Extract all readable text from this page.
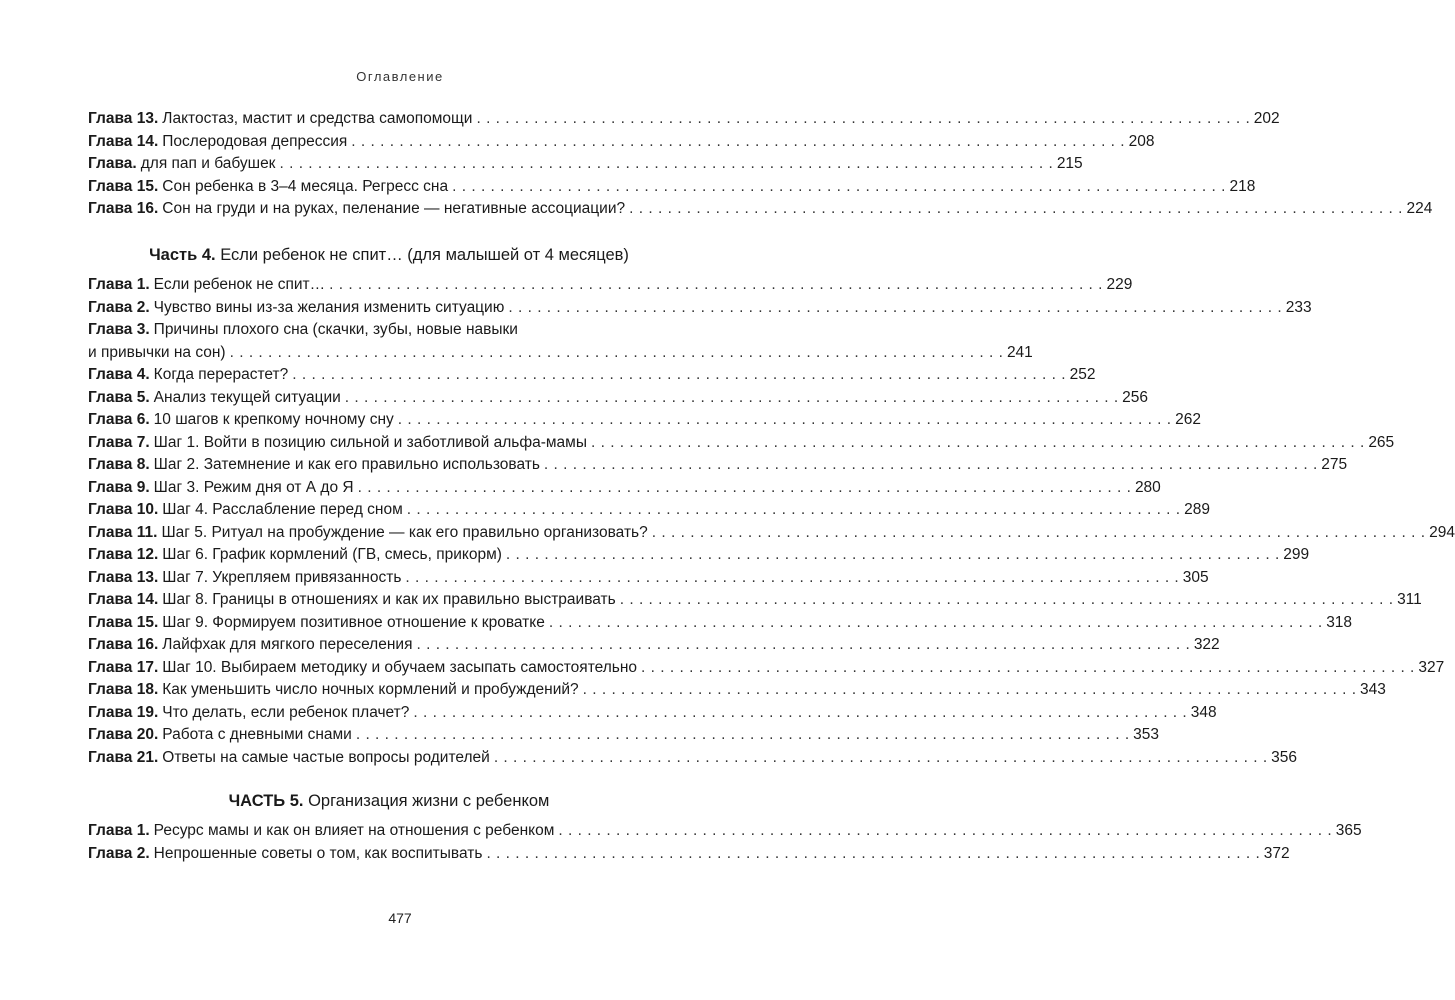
Оглавление
Глава 13. Лактостаз, мастит и средства самопомощи . . .	202
Глава 14. Послеродовая депрессия . . .	208
Глава. для пап и бабушек . . .	215
Глава 15. Сон ребенка в 3–4 месяца. Регресс сна . . .	218
Глава 16. Сон на груди и на руках, пеленание — негативные ассоциации? . . .	224
Часть 4. Если ребенок не спит… (для малышей от 4 месяцев)
Глава 1. Если ребенок не спит… . . .	229
Глава 2. Чувство вины из-за желания изменить ситуацию . . .	233
Глава 3. Причины плохого сна (скачки, зубы, новые навыки
и привычки на сон) . . .	241
Глава 4. Когда перерастет? . . .	252
Глава 5. Анализ текущей ситуации . . .	256
Глава 6. 10 шагов к крепкому ночному сну . . .	262
Глава 7. Шаг 1. Войти в позицию сильной и заботливой альфа-мамы . . .	265
Глава 8. Шаг 2. Затемнение и как его правильно использовать . . .	275
Глава 9. Шаг 3. Режим дня от А до Я . . .	280
Глава 10. Шаг 4. Расслабление перед сном . . .	289
Глава 11. Шаг 5. Ритуал на пробуждение — как его правильно организовать? . . .	294
Глава 12. Шаг 6. График кормлений (ГВ, смесь, прикорм) . . .	299
Глава 13. Шаг 7. Укрепляем привязанность . . .	305
Глава 14. Шаг 8. Границы в отношениях и как их правильно выстраивать . . .	311
Глава 15. Шаг 9. Формируем позитивное отношение к кроватке . . .	318
Глава 16. Лайфхак для мягкого переселения . . .	322
Глава 17. Шаг 10. Выбираем методику и обучаем засыпать самостоятельно . . .	327
Глава 18. Как уменьшить число ночных кормлений и пробуждений? . . .	343
Глава 19. Что делать, если ребенок плачет? . . .	348
Глава 20. Работа с дневными снами . . .	353
Глава 21. Ответы на самые частые вопросы родителей . . .	356
ЧАСТЬ 5. Организация жизни с ребенком
Глава 1. Ресурс мамы и как он влияет на отношения с ребенком . . .	365
Глава 2. Непрошенные советы о том, как воспитывать . . .	372
477
